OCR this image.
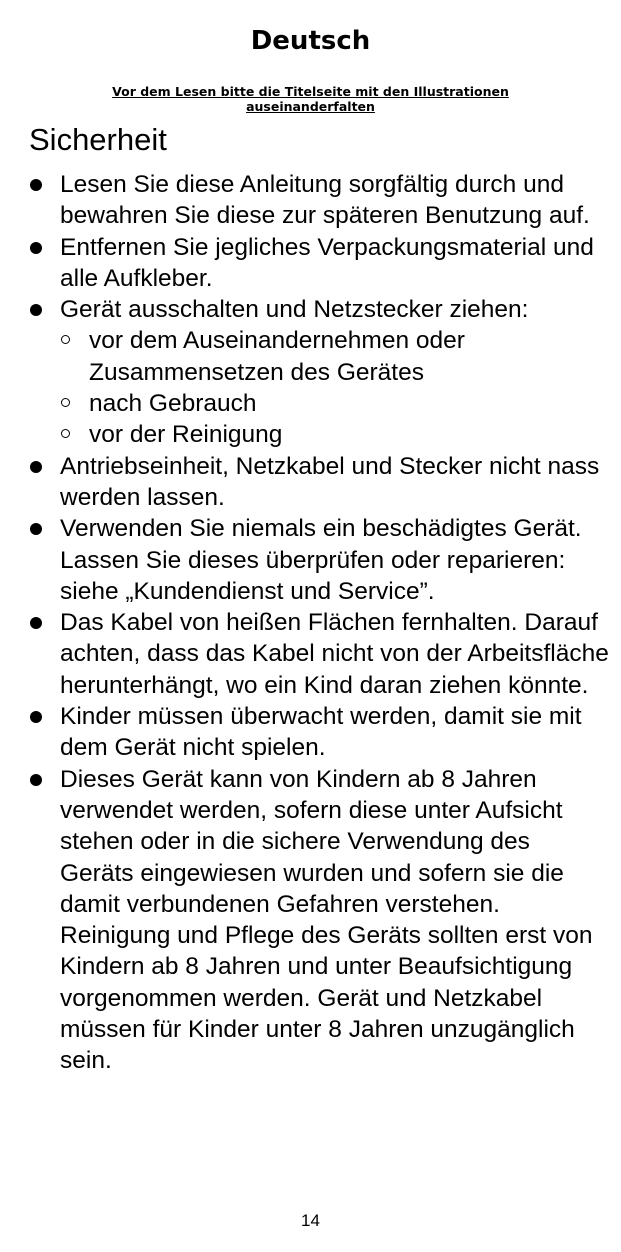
Deutsch
Vor dem Lesen bitte die Titelseite mit den Illustrationen auseinanderfalten
Sicherheit
Lesen Sie diese Anleitung sorgfältig durch und bewahren Sie diese zur späteren Benutzung auf.
Entfernen Sie jegliches Verpackungsmaterial und alle Aufkleber.
Gerät ausschalten und Netzstecker ziehen:
vor dem Auseinandernehmen oder Zusammensetzen des Gerätes
nach Gebrauch
vor der Reinigung
Antriebseinheit, Netzkabel und Stecker nicht nass werden lassen.
Verwenden Sie niemals ein beschädigtes Gerät. Lassen Sie dieses überprüfen oder reparieren: siehe „Kundendienst und Service”.
Das Kabel von heißen Flächen fernhalten. Darauf achten, dass das Kabel nicht von der Arbeitsfläche herunterhängt, wo ein Kind daran ziehen könnte.
Kinder müssen überwacht werden, damit sie mit dem Gerät nicht spielen.
Dieses Gerät kann von Kindern ab 8 Jahren verwendet werden, sofern diese unter Aufsicht stehen oder in die sichere Verwendung des Geräts eingewiesen wurden und sofern sie die damit verbundenen Gefahren verstehen. Reinigung und Pflege des Geräts sollten erst von Kindern ab 8 Jahren und unter Beaufsichtigung vorgenommen werden. Gerät und Netzkabel müssen für Kinder unter 8 Jahren unzugänglich sein.
14
